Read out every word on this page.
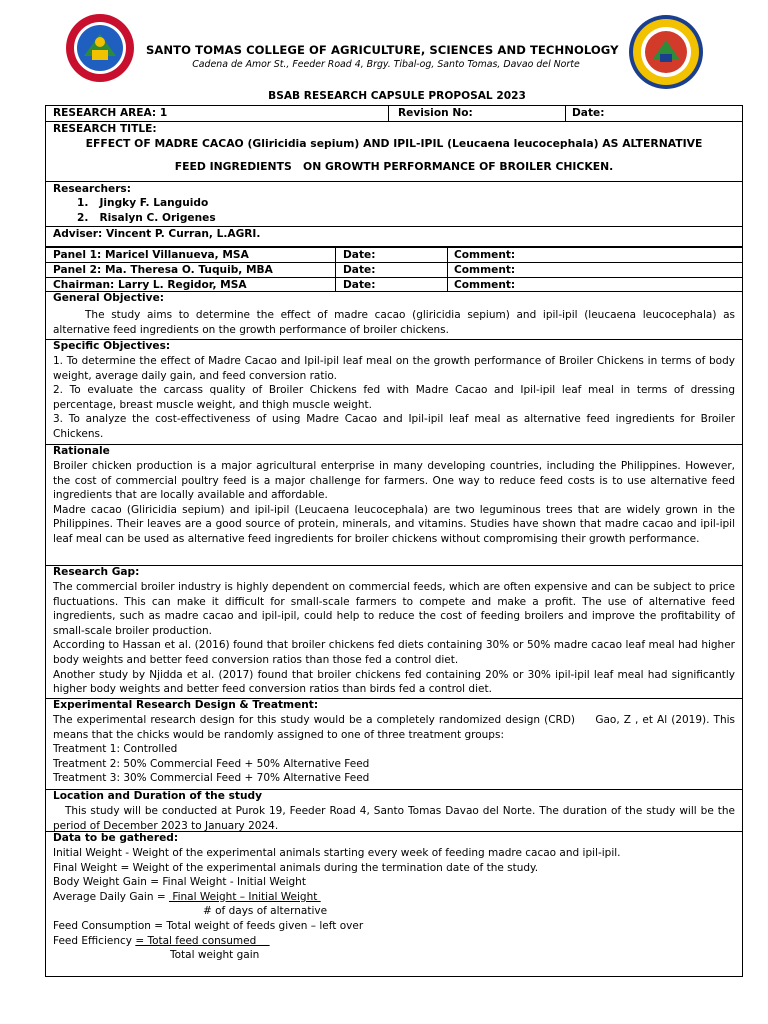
SANTO TOMAS COLLEGE OF AGRICULTURE, SCIENCES AND TECHNOLOGY
Cadena de Amor St., Feeder Road 4, Brgy. Tibal-og, Santo Tomas, Davao del Norte
BSAB RESEARCH CAPSULE PROPOSAL 2023
RESEARCH AREA: 1	Revision No:	Date:
RESEARCH TITLE:
EFFECT OF MADRE CACAO (Gliricidia sepium) AND IPIL-IPIL (Leucaena leucocephala) AS ALTERNATIVE
FEED INGREDIENTS   ON GROWTH PERFORMANCE OF BROILER CHICKEN.
Researchers:
1.   Jingky F. Languido
2.   Risalyn C. Origenes
Adviser: Vincent P. Curran, L.AGRI.
Panel 1: Maricel Villanueva, MSA	Date:	Comment:
Panel 2: Ma. Theresa O. Tuquib, MBA	Date:	Comment:
Chairman: Larry L. Regidor, MSA	Date:	Comment:
General Objective:
The study aims to determine the effect of madre cacao (gliricidia sepium) and ipil-ipil (leucaena leucocephala) as alternative feed ingredients on the growth performance of broiler chickens.
Specific Objectives:

1. To determine the effect of Madre Cacao and Ipil-ipil leaf meal on the growth performance of Broiler Chickens in terms of body weight, average daily gain, and feed conversion ratio.

2. To evaluate the carcass quality of Broiler Chickens fed with Madre Cacao and Ipil-ipil leaf meal in terms of dressing percentage, breast muscle weight, and thigh muscle weight.

3. To analyze the cost-effectiveness of using Madre Cacao and Ipil-ipil leaf meal as alternative feed ingredients for Broiler Chickens.

Rationale

Broiler chicken production is a major agricultural enterprise in many developing countries, including the Philippines. However, the cost of commercial poultry feed is a major challenge for farmers. One way to reduce feed costs is to use alternative feed ingredients that are locally available and affordable.

Madre cacao (Gliricidia sepium) and ipil-ipil (Leucaena leucocephala) are two leguminous trees that are widely grown in the Philippines. Their leaves are a good source of protein, minerals, and vitamins. Studies have shown that madre cacao and ipil-ipil leaf meal can be used as alternative feed ingredients for broiler chickens without compromising their growth performance.

Research Gap:

The commercial broiler industry is highly dependent on commercial feeds, which are often expensive and can be subject to price fluctuations. This can make it difficult for small-scale farmers to compete and make a profit. The use of alternative feed ingredients, such as madre cacao and ipil-ipil, could help to reduce the cost of feeding broilers and improve the profitability of small-scale broiler production.

According to Hassan et al. (2016) found that broiler chickens fed diets containing 30% or 50% madre cacao leaf meal had higher body weights and better feed conversion ratios than those fed a control diet.

Another study by Njidda et al. (2017) found that broiler chickens fed containing 20% or 30% ipil-ipil leaf meal had significantly higher body weights and better feed conversion ratios than birds fed a control diet.

Experimental Research Design & Treatment:

The experimental research design for this study would be a completely randomized design (CRD)     Gao, Z , et Al (2019). This means that the chicks would be randomly assigned to one of three treatment groups:

Treatment 1: Controlled

Treatment 2: 50% Commercial Feed + 50% Alternative Feed

Treatment 3: 30% Commercial Feed + 70% Alternative Feed

Location and Duration of the study
This study will be conducted at Purok 19, Feeder Road 4, Santo Tomas Davao del Norte. The duration of the study will be the period of December 2023 to January 2024.
Data to be gathered:

Initial Weight - Weight of the experimental animals starting every week of feeding madre cacao and ipil-ipil.

Final Weight = Weight of the experimental animals during the termination date of the study.

Body Weight Gain = Final Weight - Initial Weight

Average Daily Gain =  Final Weight – Initial Weight

# of days of alternative

Feed Consumption = Total weight of feeds given – left over

Feed Efficiency = Total feed consumed

Total weight gain
